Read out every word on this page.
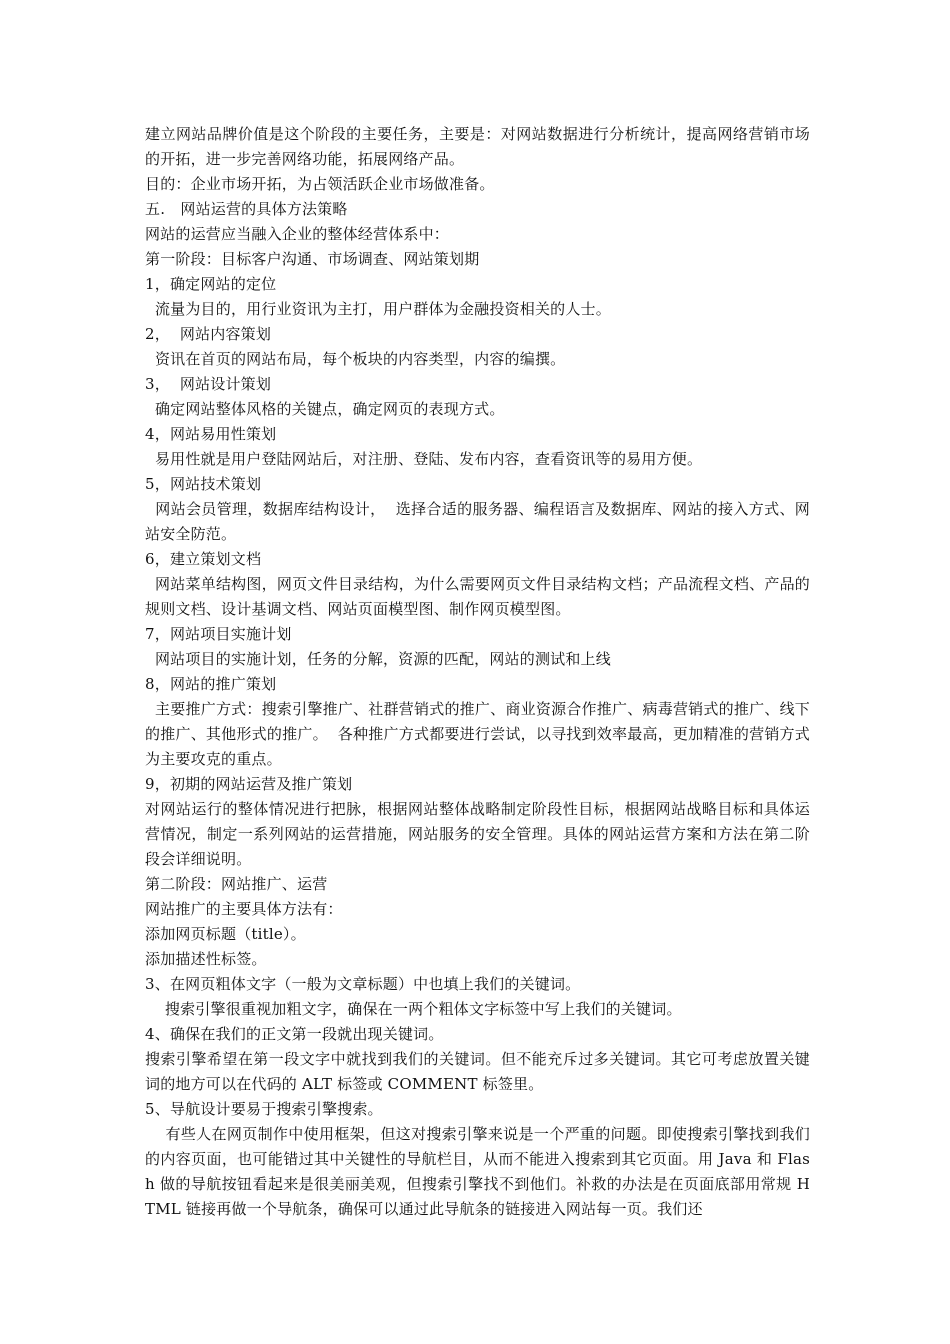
建立网站品牌价值是这个阶段的主要任务，主要是：对网站数据进行分析统计，提高网络营销市场的开拓，进一步完善网络功能，拓展网络产品。

目的：企业市场开拓，为占领活跃企业市场做准备。

五.　网站运营的具体方法策略

网站的运营应当融入企业的整体经营体系中：

第一阶段：目标客户沟通、市场调查、网站策划期

1，确定网站的定位

流量为目的，用行业资讯为主打，用户群体为金融投资相关的人士。

2，  网站内容策划

资讯在首页的网站布局，每个板块的内容类型，内容的编撰。

3，  网站设计策划

确定网站整体风格的关键点，确定网页的表现方式。

4，网站易用性策划

易用性就是用户登陆网站后，对注册、登陆、发布内容，查看资讯等的易用方便。

5，网站技术策划

网站会员管理，数据库结构设计，  选择合适的服务器、编程语言及数据库、网站的接入方式、网站安全防范。

6，建立策划文档

网站菜单结构图，网页文件目录结构，为什么需要网页文件目录结构文档；产品流程文档、产品的规则文档、设计基调文档、网站页面模型图、制作网页模型图。

7，网站项目实施计划

网站项目的实施计划，任务的分解，资源的匹配，网站的测试和上线

8，网站的推广策划

主要推广方式：搜索引擎推广、社群营销式的推广、商业资源合作推广、病毒营销式的推广、线下的推广、其他形式的推广。  各种推广方式都要进行尝试，以寻找到效率最高，更加精准的营销方式为主要攻克的重点。

9，初期的网站运营及推广策划

对网站运行的整体情况进行把脉，根据网站整体战略制定阶段性目标，根据网站战略目标和具体运营情况，制定一系列网站的运营措施，网站服务的安全管理。具体的网站运营方案和方法在第二阶段会详细说明。

第二阶段：网站推广、运营

网站推广的主要具体方法有：

添加网页标题（title）。

添加描述性标签。

3、在网页粗体文字（一般为文章标题）中也填上我们的关键词。

搜索引擎很重视加粗文字，确保在一两个粗体文字标签中写上我们的关键词。

4、确保在我们的正文第一段就出现关键词。

搜索引擎希望在第一段文字中就找到我们的关键词。但不能充斥过多关键词。其它可考虑放置关键词的地方可以在代码的 ALT 标签或 COMMENT 标签里。

5、导航设计要易于搜索引擎搜索。

有些人在网页制作中使用框架，但这对搜索引擎来说是一个严重的问题。即使搜索引擎找到我们的内容页面，也可能错过其中关键性的导航栏目，从而不能进入搜索到其它页面。用 Java 和 Flash 做的导航按钮看起来是很美丽美观，但搜索引擎找不到他们。补救的办法是在页面底部用常规 HTML 链接再做一个导航条，确保可以通过此导航条的链接进入网站每一页。我们还
